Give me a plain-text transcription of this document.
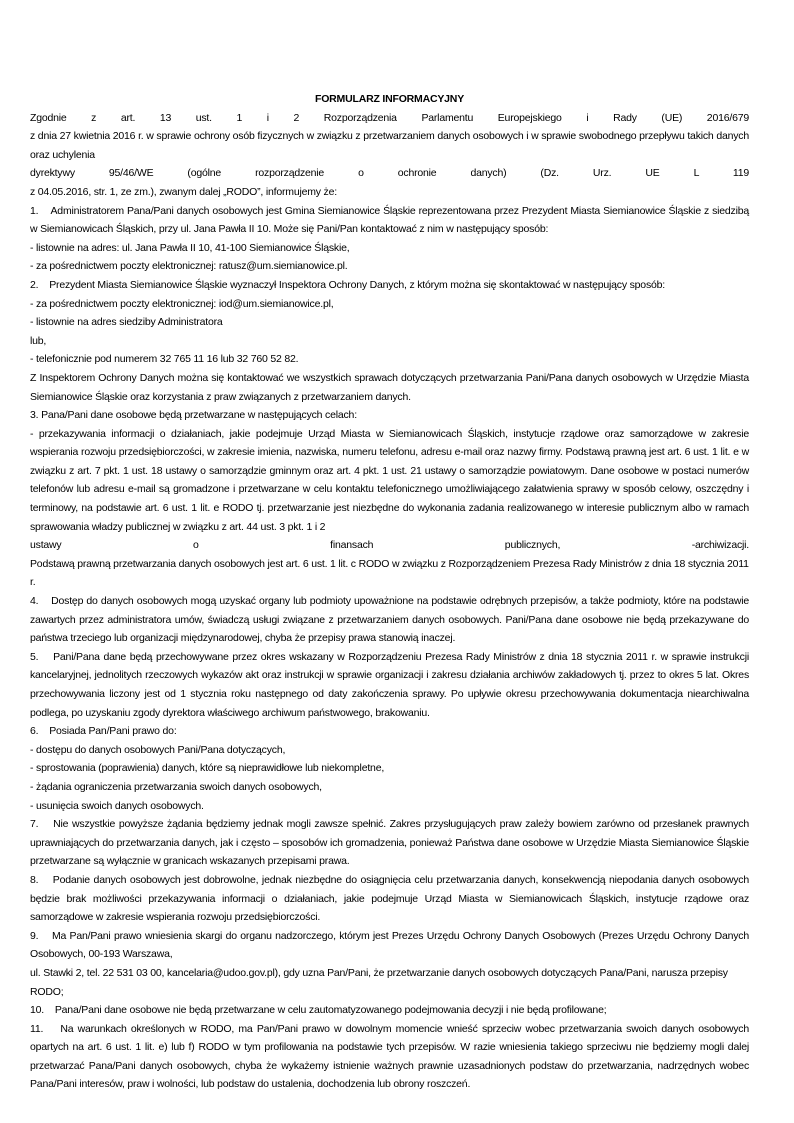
FORMULARZ INFORMACYJNY

Zgodnie z art. 13 ust. 1 i 2 Rozporządzenia Parlamentu Europejskiego i Rady (UE) 2016/679

z dnia 27 kwietnia 2016 r. w sprawie ochrony osób fizycznych w związku z przetwarzaniem danych osobowych i w sprawie swobodnego przepływu takich danych oraz uchylenia

dyrektywy 95/46/WE (ogólne rozporządzenie o ochronie danych) (Dz. Urz. UE L 119

z 04.05.2016, str. 1, ze zm.), zwanym dalej „RODO”, informujemy że:

1.    Administratorem Pana/Pani danych osobowych jest Gmina Siemianowice Śląskie reprezentowana przez Prezydent Miasta Siemianowice Śląskie z siedzibą w Siemianowicach Śląskich, przy ul. Jana Pawła II 10. Może się Pani/Pan kontaktować z nim w następujący sposób:

- listownie na adres: ul. Jana Pawła II 10, 41-100 Siemianowice Śląskie,

- za pośrednictwem poczty elektronicznej: ratusz@um.siemianowice.pl.

2.    Prezydent Miasta Siemianowice Śląskie wyznaczył Inspektora Ochrony Danych, z którym można się skontaktować w następujący sposób:

- za pośrednictwem poczty elektronicznej: iod@um.siemianowice.pl,

- listownie na adres siedziby Administratora

lub,

- telefonicznie pod numerem 32 765 11 16 lub 32 760 52 82.

Z Inspektorem Ochrony Danych można się kontaktować we wszystkich sprawach dotyczących przetwarzania Pani/Pana danych osobowych w Urzędzie Miasta Siemianowice Śląskie oraz korzystania z praw związanych z przetwarzaniem danych.

3. Pana/Pani dane osobowe będą przetwarzane w następujących celach:

- przekazywania informacji o działaniach, jakie podejmuje Urząd Miasta w Siemianowicach Śląskich, instytucje rządowe oraz samorządowe w zakresie wspierania rozwoju przedsiębiorczości, w zakresie imienia, nazwiska, numeru telefonu, adresu e-mail oraz nazwy firmy. Podstawą prawną jest art. 6 ust. 1 lit. e w związku z art. 7 pkt. 1 ust. 18 ustawy o samorządzie gminnym oraz art. 4 pkt. 1 ust. 21 ustawy o samorządzie powiatowym. Dane osobowe w postaci numerów telefonów lub adresu e-mail są gromadzone i przetwarzane w celu kontaktu telefonicznego umożliwiającego załatwienia sprawy w sposób celowy, oszczędny i terminowy, na podstawie art. 6 ust. 1 lit. e RODO tj. przetwarzanie jest niezbędne do wykonania zadania realizowanego w interesie publicznym albo w ramach sprawowania władzy publicznej w związku z art. 44 ust. 3 pkt. 1 i 2

ustawy o finansach publicznych, -archiwizacji.

Podstawą prawną przetwarzania danych osobowych jest art. 6 ust. 1 lit. c RODO w związku z Rozporządzeniem Prezesa Rady Ministrów z dnia 18 stycznia 2011 r.

4.    Dostęp do danych osobowych mogą uzyskać organy lub podmioty upoważnione na podstawie odrębnych przepisów, a także podmioty, które na podstawie zawartych przez administratora umów, świadczą usługi związane z przetwarzaniem danych osobowych. Pani/Pana dane osobowe nie będą przekazywane do państwa trzeciego lub organizacji międzynarodowej, chyba że przepisy prawa stanowią inaczej.

5.    Pani/Pana dane będą przechowywane przez okres wskazany w Rozporządzeniu Prezesa Rady Ministrów z dnia 18 stycznia 2011 r. w sprawie instrukcji kancelaryjnej, jednolitych rzeczowych wykazów akt oraz instrukcji w sprawie organizacji i zakresu działania archiwów zakładowych tj. przez to okres 5 lat. Okres przechowywania liczony jest od 1 stycznia roku następnego od daty zakończenia sprawy. Po upływie okresu przechowywania dokumentacja niearchiwalna podlega, po uzyskaniu zgody dyrektora właściwego archiwum państwowego, brakowaniu.

6.    Posiada Pan/Pani prawo do:

- dostępu do danych osobowych Pani/Pana dotyczących,

- sprostowania (poprawienia) danych, które są nieprawidłowe lub niekompletne,

- żądania ograniczenia przetwarzania swoich danych osobowych,

- usunięcia swoich danych osobowych.

7.    Nie wszystkie powyższe żądania będziemy jednak mogli zawsze spełnić. Zakres przysługujących praw zależy bowiem zarówno od przesłanek prawnych uprawniających do przetwarzania danych, jak i często – sposobów ich gromadzenia, ponieważ Państwa dane osobowe w Urzędzie Miasta Siemianowice Śląskie przetwarzane są wyłącznie w granicach wskazanych przepisami prawa.

8.    Podanie danych osobowych jest dobrowolne, jednak niezbędne do osiągnięcia celu przetwarzania danych, konsekwencją niepodania danych osobowych będzie brak możliwości przekazywania informacji o działaniach, jakie podejmuje Urząd Miasta w Siemianowicach Śląskich, instytucje rządowe oraz samorządowe w zakresie wspierania rozwoju przedsiębiorczości.

9.    Ma Pan/Pani prawo wniesienia skargi do organu nadzorczego, którym jest Prezes Urzędu Ochrony Danych Osobowych (Prezes Urzędu Ochrony Danych Osobowych, 00-193 Warszawa,

ul. Stawki 2, tel. 22 531 03 00, kancelaria@udoo.gov.pl), gdy uzna Pan/Pani, że przetwarzanie danych osobowych dotyczących Pana/Pani, narusza przepisy RODO;

10.    Pana/Pani dane osobowe nie będą przetwarzane w celu zautomatyzowanego podejmowania decyzji i nie będą profilowane;

11.    Na warunkach określonych w RODO, ma Pan/Pani prawo w dowolnym momencie wnieść sprzeciw wobec przetwarzania swoich danych osobowych opartych na art. 6 ust. 1 lit. e) lub f) RODO w tym profilowania na podstawie tych przepisów. W razie wniesienia takiego sprzeciwu nie będziemy mogli dalej przetwarzać Pana/Pani danych osobowych, chyba że wykażemy istnienie ważnych prawnie uzasadnionych podstaw do przetwarzania, nadrzędnych wobec Pana/Pani interesów, praw i wolności, lub podstaw do ustalenia, dochodzenia lub obrony roszczeń.
